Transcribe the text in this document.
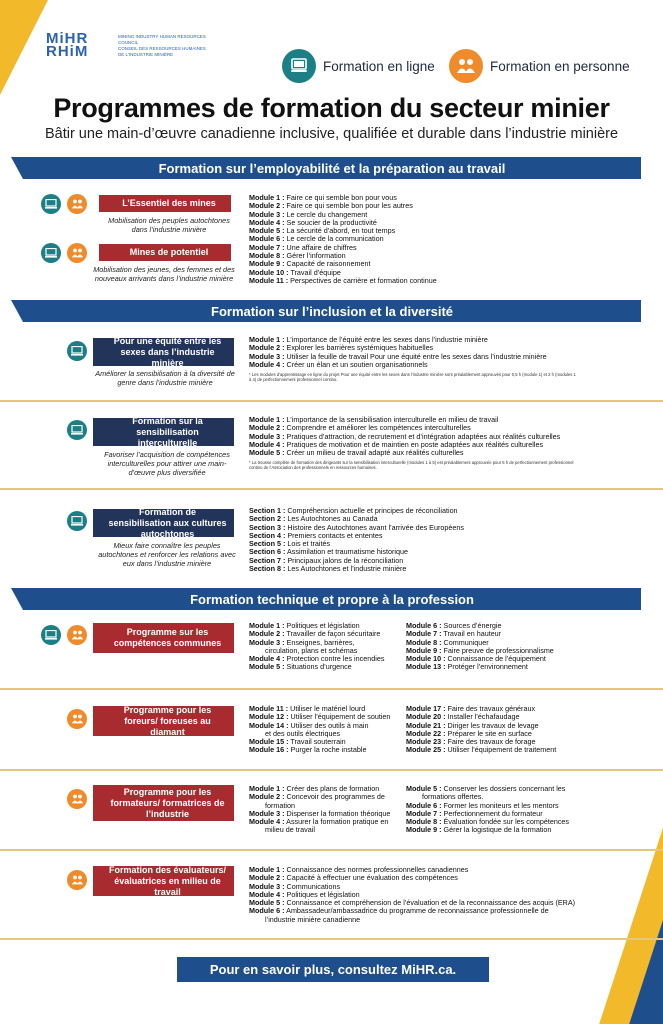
MiHR
RHiM
MINING INDUSTRY HUMAN RESOURCES COUNCIL
CONSEIL DES RESSOURCES HUMAINES DE L'INDUSTRIE MINIÈRE
Formation en ligne	Formation en personne
Programmes de formation du secteur minier
Bâtir une main-d’œuvre canadienne inclusive, qualifiée et durable dans l’industrie minière
Formation sur l’employabilité et la préparation au travail
L’Essentiel des mines
Mobilisation des peuples autochtones dans l’industrie minière
Mines de potentiel
Mobilisation des jeunes, des femmes et des nouveaux arrivants dans l’industrie minière
Module 1 : Faire ce qui semble bon pour vous
Module 2 : Faire ce qui semble bon pour les autres
Module 3 : Le cercle du changement
Module 4 : Se soucier de la productivité
Module 5 : La sécurité d’abord, en tout temps
Module 6 : Le cercle de la communication
Module 7 : Une affaire de chiffres
Module 8 : Gérer l’information
Module 9 : Capacité de raisonnement
Module 10 : Travail d’équipe
Module 11 : Perspectives de carrière et formation continue
Formation sur l’inclusion et la diversité
Pour une équité entre les sexes dans l’industrie minière
Améliorer la sensibilisation à la diversité de genre dans l’industrie minière
Module 1 : L’importance de l’équité entre les sexes dans l’industrie minière
Module 2 : Explorer les barrières systémiques habituelles
Module 3 : Utiliser la feuille de travail Pour une équité entre les sexes dans l’industrie minière
Module 4 : Créer un élan et un soutien organisationnels
* Les modules d’apprentissage en ligne du projet Pour une équité entre les sexes dans l’industrie minière sont préalablement approuvés pour 0,5 h (module 1) et 2 h (modules 1 à 4) de perfectionnement professionnel continu.
Formation sur la sensibilisation interculturelle
Favoriser l’acquisition de compétences interculturelles pour attirer une main-d’œuvre plus diversifiée
Module 1 : L’importance de la sensibilisation interculturelle en milieu de travail
Module 2 : Comprendre et améliorer les compétences interculturelles
Module 3 : Pratiques d’attraction, de recrutement et d’intégration adaptées aux réalités culturelles
Module 4 : Pratiques de motivation et de maintien en poste adaptées aux réalités culturelles
Module 5 : Créer un milieu de travail adapté aux réalités culturelles
* La trousse complète de formation des dirigeants sur la sensibilisation interculturelle (modules 1 à 5) est préalablement approuvée pour 5 h de perfectionnement professionnel continu de l’Association des professionnels en ressources humaines.
Formation de sensibilisation aux cultures autochtones
Mieux faire connaître les peuples autochtones et renforcer les relations avec eux dans l’industrie minière
Section 1 : Compréhension actuelle et principes de réconciliation
Section 2 : Les Autochtones au Canada
Section 3 : Histoire des Autochtones avant l’arrivée des Européens
Section 4 : Premiers contacts et ententes
Section 5 : Lois et traités
Section 6 : Assimilation et traumatisme historique
Section 7 : Principaux jalons de la réconciliation
Section 8 : Les Autochtones et l’industrie minière
Formation technique et propre à la profession
Programme sur les compétences communes
Module 1 : Politiques et législation
Module 2 : Travailler de façon sécuritaire
Module 3 : Enseignes, barrières,
circulation, plans et schémas
Module 4 : Protection contre les incendies
Module 5 : Situations d’urgence
Module 6 : Sources d’énergie
Module 7 : Travail en hauteur
Module 8 : Communiquer
Module 9 : Faire preuve de professionnalisme
Module 10 : Connaissance de l’équipement
Module 13 : Protéger l’environnement
Programme pour les foreurs/ foreuses au diamant
Module 11 : Utiliser le matériel lourd
Module 12 : Utiliser l’équipement de soutien
Module 14 : Utiliser des outils à main
et des outils électriques
Module 15 : Travail souterrain
Module 16 : Purger la roche instable
Module 17 : Faire des travaux généraux
Module 20 : Installer l’échafaudage
Module 21 : Diriger les travaux de levage
Module 22 : Préparer le site en surface
Module 23 : Faire des travaux de forage
Module 25 : Utiliser l’équipement de traitement
Programme pour les formateurs/ formatrices de l’industrie
Module 1 : Créer des plans de formation
Module 2 : Concevoir des programmes de
formation
Module 3 : Dispenser la formation théorique
Module 4 : Assurer la formation pratique en
milieu de travail
Module 5 : Conserver les dossiers concernant les
formations offertes.
Module 6 : Former les moniteurs et les mentors
Module 7 : Perfectionnement du formateur
Module 8 : Évaluation fondée sur les compétences
Module 9 : Gérer la logistique de la formation
Formation des évaluateurs/ évaluatrices en milieu de travail
Module 1 : Connaissance des normes professionnelles canadiennes
Module 2 : Capacité à effectuer une évaluation des compétences
Module 3 : Communications
Module 4 : Politiques et législation
Module 5 : Connaissance et compréhension de l’évaluation et de la reconnaissance des acquis (ERA)
Module 6 : Ambassadeur/ambassadrice du programme de reconnaissance professionnelle de
l’industrie minière canadienne
Pour en savoir plus, consultez MiHR.ca.
